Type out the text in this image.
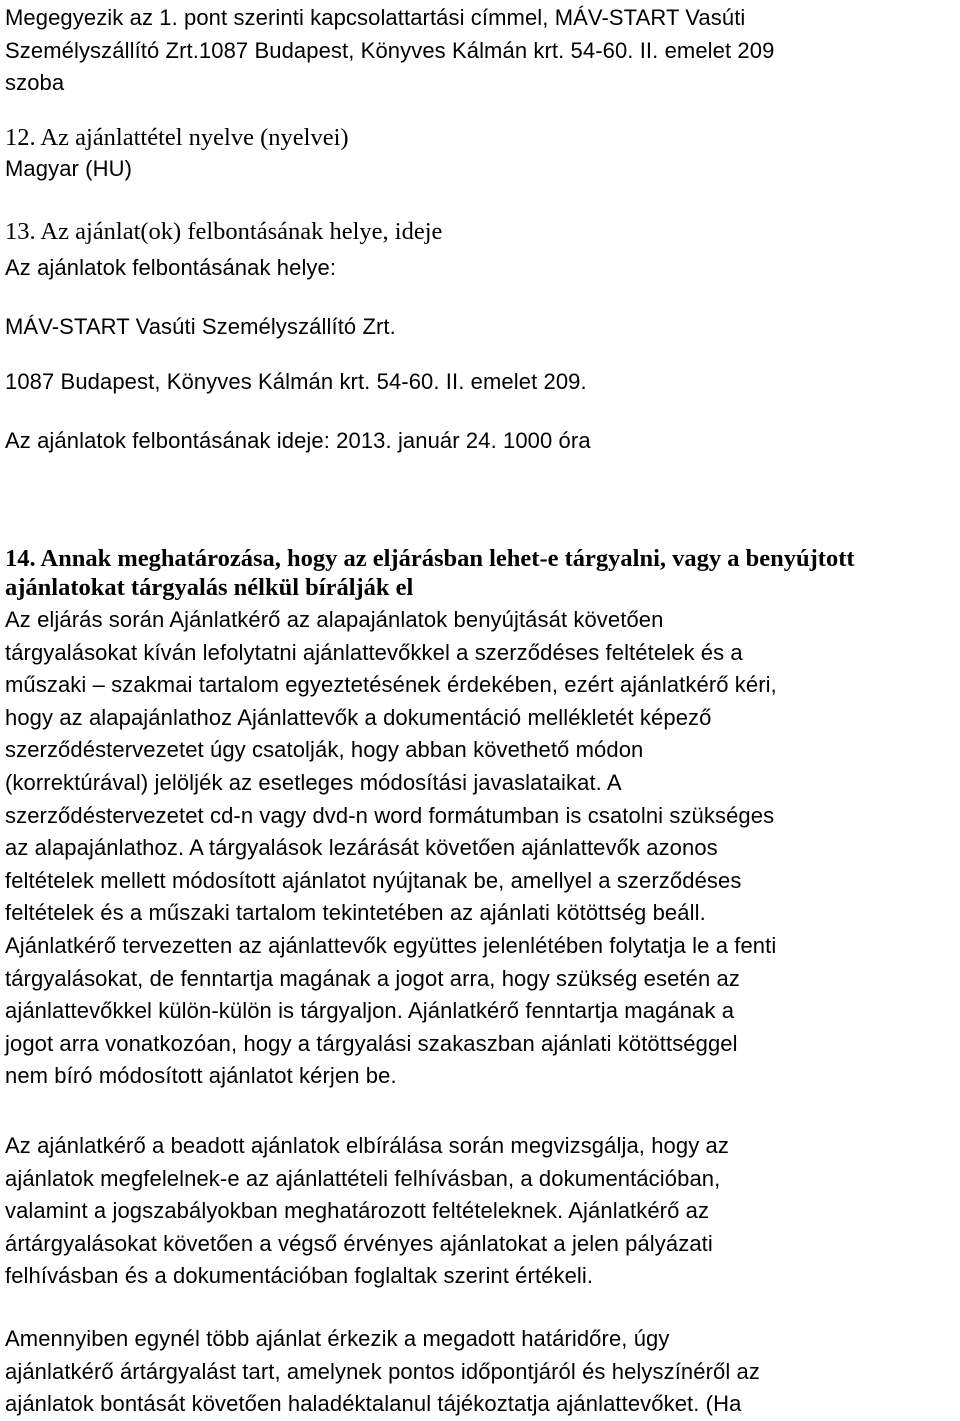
Megegyezik az 1. pont szerinti kapcsolattartási címmel, MÁV-START Vasúti
Személyszállító Zrt.1087 Budapest, Könyves Kálmán krt. 54-60. II. emelet 209
szoba
12. Az ajánlattétel nyelve (nyelvei)
Magyar (HU)
13. Az ajánlat(ok) felbontásának helye, ideje
Az ajánlatok felbontásának helye:
MÁV-START Vasúti Személyszállító Zrt.
1087 Budapest, Könyves Kálmán krt. 54-60. II. emelet 209.
Az ajánlatok felbontásának ideje: 2013. január 24. 1000 óra
14. Annak meghatározása, hogy az eljárásban lehet-e tárgyalni, vagy a benyújtott
ajánlatokat tárgyalás nélkül bírálják el
Az eljárás során Ajánlatkérő az alapajánlatok benyújtását követően
tárgyalásokat kíván lefolytatni ajánlattevőkkel a szerződéses feltételek és a
műszaki – szakmai tartalom egyeztetésének érdekében, ezért ajánlatkérő kéri,
hogy az alapajánlathoz Ajánlattevők a dokumentáció mellékletét képező
szerződéstervezetet úgy csatolják, hogy abban követhető módon
(korrektúrával) jelöljék az esetleges módosítási javaslataikat. A
szerződéstervezetet cd-n vagy dvd-n word formátumban is csatolni szükséges
az alapajánlathoz. A tárgyalások lezárását követően ajánlattevők azonos
feltételek mellett módosított ajánlatot nyújtanak be, amellyel a szerződéses
feltételek és a műszaki tartalom tekintetében az ajánlati kötöttség beáll.
Ajánlatkérő tervezetten az ajánlattevők együttes jelenlétében folytatja le a fenti
tárgyalásokat, de fenntartja magának a jogot arra, hogy szükség esetén az
ajánlattevőkkel külön-külön is tárgyaljon. Ajánlatkérő fenntartja magának a
jogot arra vonatkozóan, hogy a tárgyalási szakaszban ajánlati kötöttséggel
nem bíró módosított ajánlatot kérjen be.
Az ajánlatkérő a beadott ajánlatok elbírálása során megvizsgálja, hogy az
ajánlatok megfelelnek-e az ajánlattételi felhívásban, a dokumentációban,
valamint a jogszabályokban meghatározott feltételeknek. Ajánlatkérő az
ártárgyalásokat követően a végső érvényes ajánlatokat a jelen pályázati
felhívásban és a dokumentációban foglaltak szerint értékeli.
Amennyiben egynél több ajánlat érkezik a megadott határidőre, úgy
ajánlatkérő ártárgyalást tart, amelynek pontos időpontjáról és helyszínéről az
ajánlatok bontását követően haladéktalanul tájékoztatja ajánlattevőket. (Ha
